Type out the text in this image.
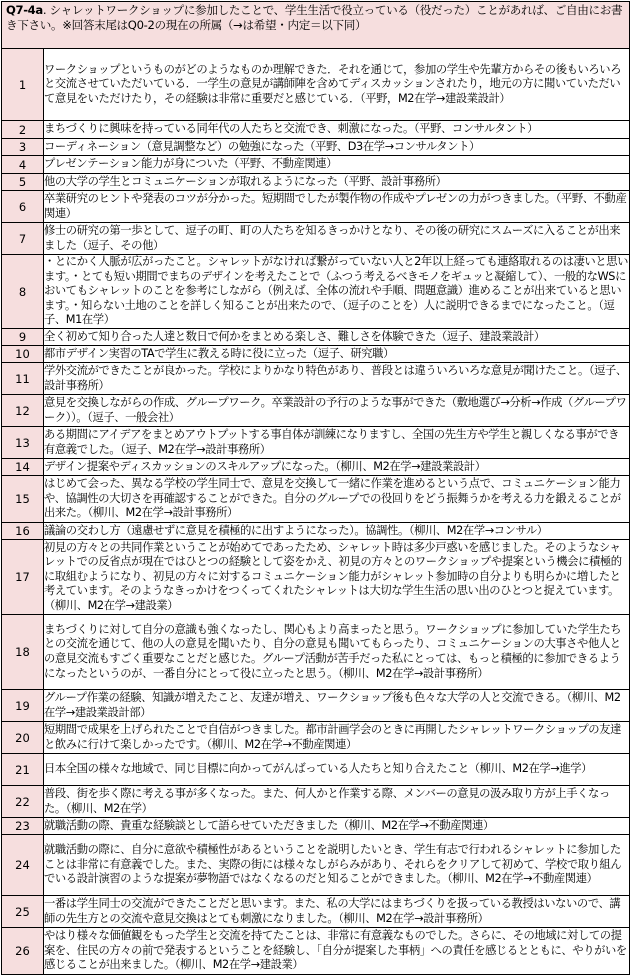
Q7-4a. シャレットワークショップに参加したことで、学生生活で役立っている（役だった）ことがあれば、ご自由にお書き下さい。※回答末尾はQ0-2の現在の所属（→は希望・内定＝以下同）
1	ワークショップというものがどのようなものか理解できた．それを通じて，参加の学生や先輩方からその後もいろいろと交流させていただいている．一学生の意見が講師陣を含めてディスカッションされたり，地元の方に聞いていただいて意見をいただけたり，その経験は非常に重要だと感じている．（平野，M2在学→建設業設計）
2	まちづくりに興味を持っている同年代の人たちと交流でき、刺激になった。（平野、コンサルタント）
3	コーディネーション（意見調整など）の勉強になった（平野、D3在学→コンサルタント）
4	プレゼンテーション能力が身についた（平野、不動産関連）
5	他の大学の学生とコミュニケーションが取れるようになった（平野、設計事務所）
6	卒業研究のヒントや発表のコツが分かった。短期間でしたが製作物の作成やプレゼンの力がつきました。（平野、不動産関連）
7	修士の研究の第一歩として、逗子の町、町の人たちを知るきっかけとなり、その後の研究にスムーズに入ることが出来ました（逗子、その他）
8	・とにかく人脈が広がったこと。シャレットがなければ繋がっていない人と2年以上経っても連絡取れるのは凄いと思います。・とても短い期間でまちのデザインを考えたことで（ふつう考えるべきモノをギュッと凝縮して）、一般的なWSにおいてもシャレットのことを参考にしながら（例えば、全体の流れや手順、問題意識）進めることが出来ていると思います。・知らない土地のことを詳しく知ることが出来たので、（逗子のことを）人に説明できるまでになったこと。（逗子、M1在学）
9	全く初めて知り合った人達と数日で何かをまとめる楽しさ、難しさを体験できた（逗子、建設業設計）
10	都市デザイン実習のTAで学生に教える時に役に立った（逗子、研究職）
11	学外交流ができたことが良かった。学校によりかなり特色があり、普段とは違ういろいろな意見が聞けたこと。（逗子、設計事務所）
12	意見を交換しながらの作成、グループワーク。卒業設計の予行のような事ができた（敷地選び→分析→作成（グループワーク））。（逗子、一般会社）
13	ある期間にアイデアをまとめアウトプットする事自体が訓練になりますし、全国の先生方や学生と親しくなる事ができ有意義でした。（逗子、M2在学→設計事務所）
14	デザイン提案やディスカッションのスキルアップになった。（柳川、M2在学→建設業設計）
15	はじめて会った、異なる学校の学生同士で、意見を交換して一緒に作業を進めるという点で、コミュニケーション能力や、協調性の大切さを再確認することができた。自分のグループでの役回りをどう振舞うかを考える力を鍛えることが出来た。（柳川、M2在学→設計事務所）
16	議論の交わし方（遠慮せずに意見を積極的に出すようになった）。協調性。（柳川、M2在学→コンサル）
17	初見の方々との共同作業ということが始めてであったため、シャレット時は多少戸惑いを感じました。そのようなシャレットでの反省点が現在ではひとつの経験として姿をかえ、初見の方々とのワークショップや提案という機会に積極的に取組むようになり、初見の方々に対するコミュニケーション能力がシャレット参加時の自分よりも明らかに増したと考えています。そのようなきっかけをつくってくれたシャレットは大切な学生生活の思い出のひとつと捉えています。（柳川、M2在学→建設業）
18	まちづくりに対して自分の意識も強くなったし、関心もより高まったと思う。ワークショップに参加していた学生たちとの交流を通じて、他の人の意見を聞いたり、自分の意見も聞いてもらったり、コミュニケーションの大事さや他人との意見交流もすごく重要なことだと感じた。グループ活動が苦手だった私にとっては、もっと積極的に参加できるようになったというのが、一番自分にとって役に立ったと思う。（柳川、M2在学→設計事務所）
19	グループ作業の経験、知識が増えたこと、友達が増え、ワークショップ後も色々な大学の人と交流できる。（柳川、M2在学→建設業設計部）
20	短期間で成果を上げられたことで自信がつきました。都市計画学会のときに再開したシャレットワークショップの友達と飲みに行けて楽しかったです。（柳川、M2在学→不動産関連）
21	日本全国の様々な地域で、同じ目標に向かってがんばっている人たちと知り合えたこと（柳川、M2在学→進学）
22	普段、街を歩く際に考える事が多くなった。また、何人かと作業する際、メンバーの意見の汲み取り方が上手くなった。（柳川、M2在学）
23	就職活動の際、貴重な経験談として語らせていただきました（柳川、M2在学→不動産関連）
24	就職活動の際に、自分に意欲や積極性があるということを説明したいとき、学生有志で行われるシャレットに参加したことは非常に有意義でした。また、実際の街には様々なしがらみがあり、それらをクリアして初めて、学校で取り組んでいる設計演習のような提案が夢物語ではなくなるのだと知ることができました。（柳川、M2在学→不動産関連）
25	一番は学生同士の交流ができたことだと思います。また、私の大学にはまちづくりを扱っている教授はいないので、講師の先生方との交流や意見交換はとても刺激になりました。（柳川、M2在学→設計事務所）
26	やはり様々な価値観をもった学生と交流を持てたことは、非常に有意義なものでした。さらに、その地域に対しての提案を、住民の方々の前で発表するということを経験し、「自分が提案した事柄」への責任を感じるとともに、やりがいを感じることが出来ました。（柳川、M2在学→建設業）
